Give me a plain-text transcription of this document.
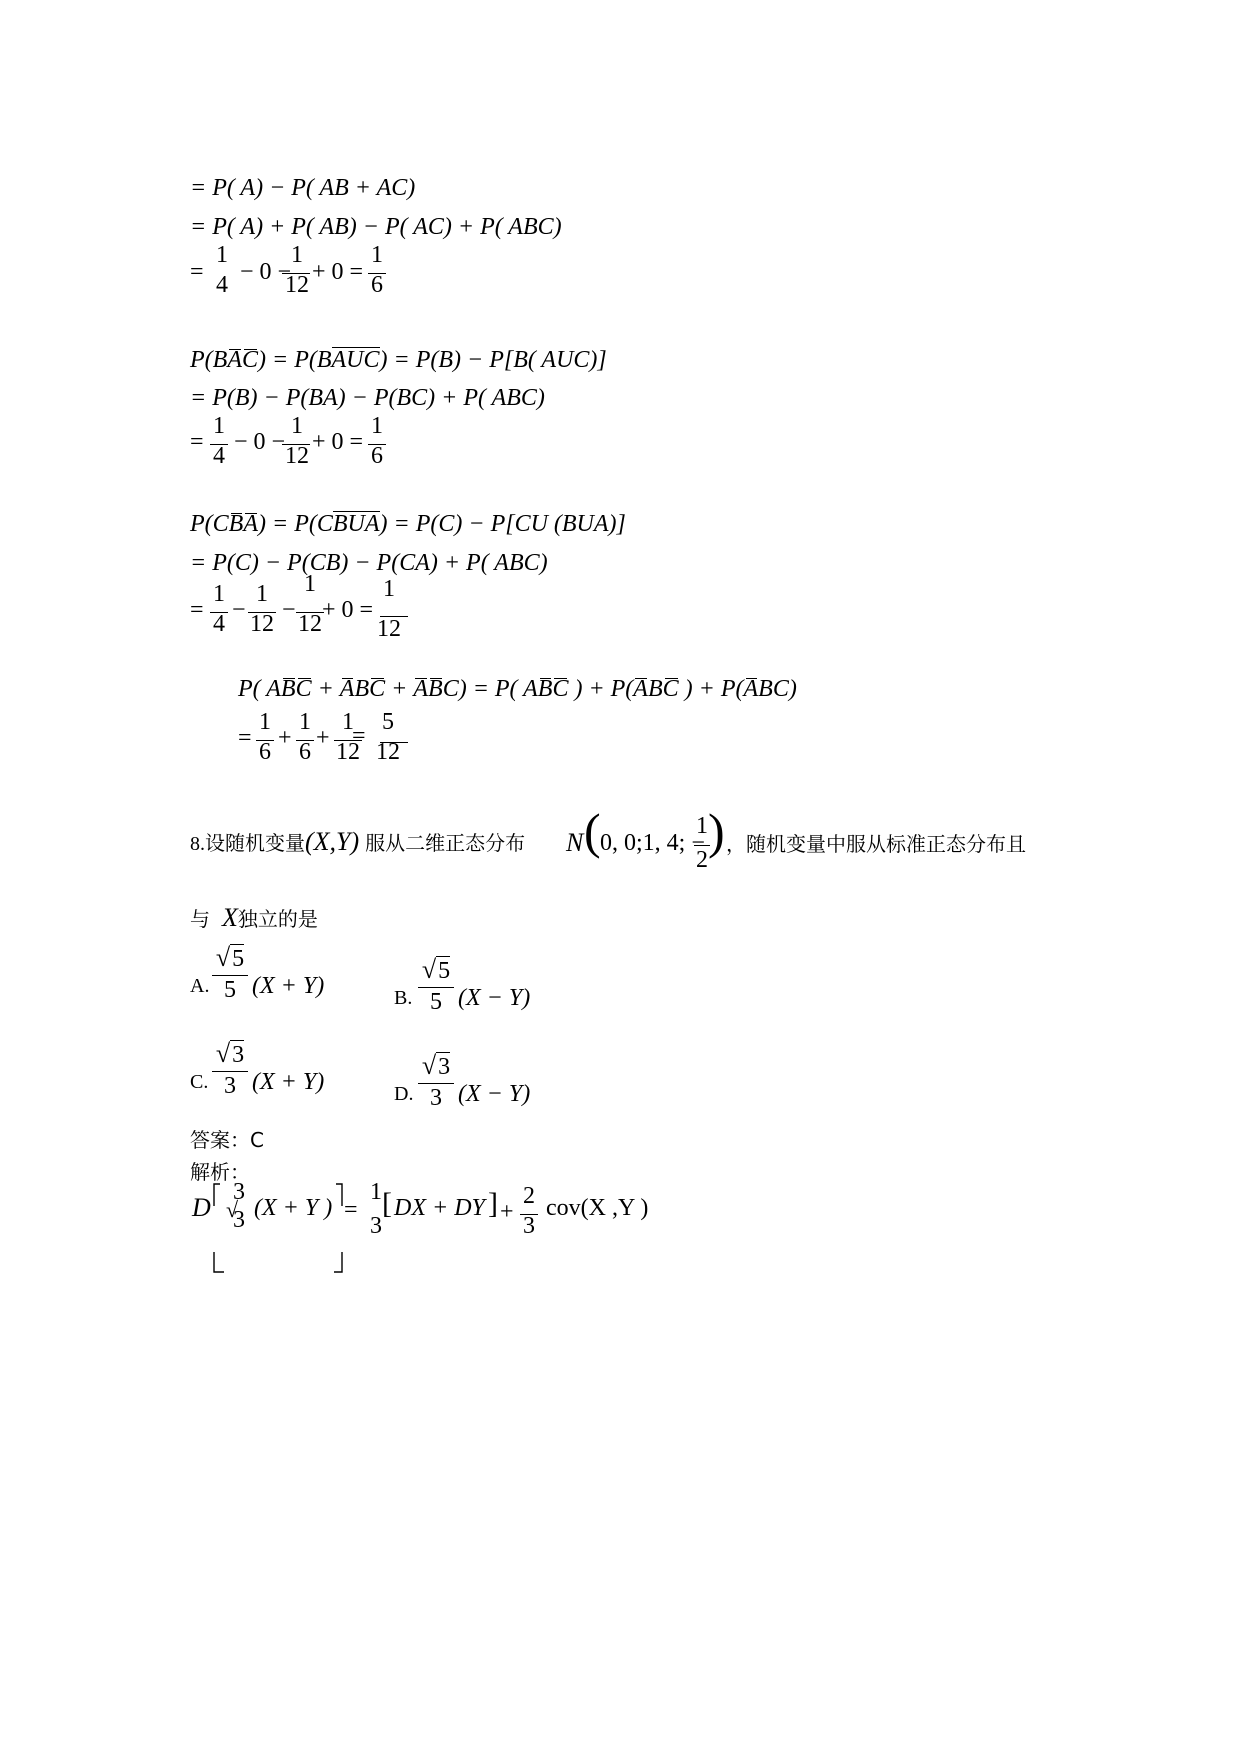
= P( A) − P( AB + AC)
= P( A) + P( AB) − P( AC) + P( ABC)
=
1
4 − 0 −
1
12 + 0 =
1
6
P(BAC) = P(BAUC) = P(B) − P[B( AUC)]
= P(B) − P(BA) − P(BC) + P( ABC)
=
1
4
− 0 −
1
12
+ 0 =
1
6
P(CBA) = P(CBUA) = P(C) − P[CU (BUA)]
= P(C) − P(CB) − P(CA) + P( ABC)
=
1
4
−
1
12
−
1
12
+ 0 =
1
12
P( ABC + ABC + ABC) = P( ABC ) + P(ABC ) + P(ABC)
=
1
6
+
1
6
+
1
12
=
5
12
8.设随机变量(X,Y) 服从二维正态分布 N ( 0, 0;1, 4; −
1
2
) ，随机变量中服从标准正态分布且
与 X独立的是
A. $\frac{√5}{5} (X + Y)$	B. $\frac{√5}{5} (X - Y)$
C. $\frac{√3}{3} (X + Y)$	D. $\frac{√3}{3} (X - Y)$
答案：C
解析：
D
3
3
√ (X + Y ) =
1
3
[ DX + DY ] +
2
3
cov(X ,Y )
